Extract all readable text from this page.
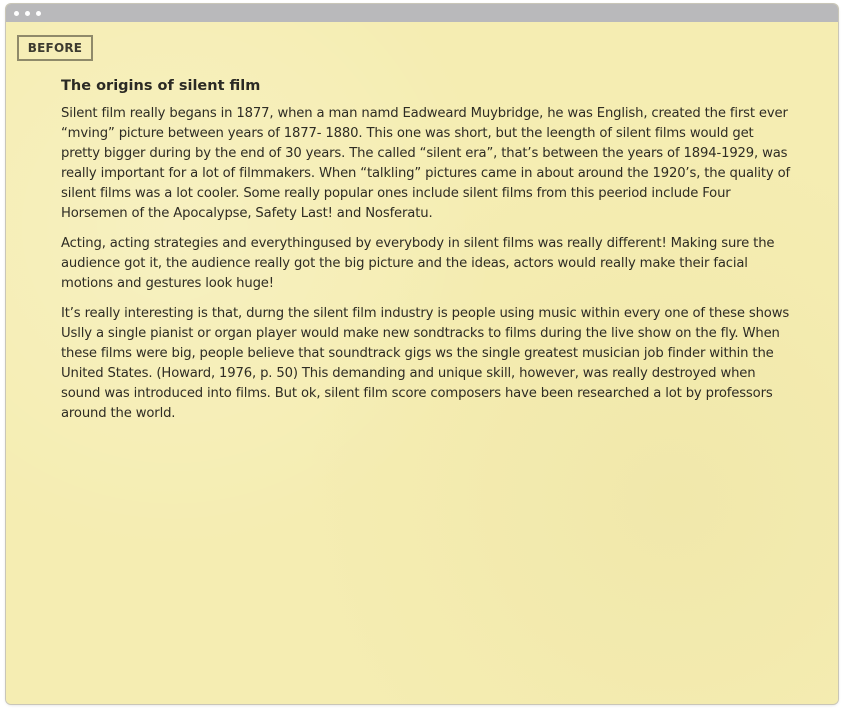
BEFORE
The origins of silent film

Silent film really begans in 1877, when a man namd Eadweard Muybridge, he was English, created the first ever “mving” picture between years of 1877- 1880. This one was short, but the leength of silent films would get pretty bigger during by the end of 30 years. The called “silent era”, that’s between the years of 1894-1929, was really important for a lot of filmmakers. When “talkling” pictures came in about around the 1920’s, the quality of silent films was a lot cooler. Some really popular ones include silent films from this peeriod include Four Horsemen of the Apocalypse, Safety Last! and Nosferatu.

Acting, acting strategies and everythingused by everybody in silent films was really different! Making sure the audience got it, the audience really got the big picture and the ideas, actors would really make their facial motions and gestures look huge!

It’s really interesting is that, durng the silent film industry is people using music within every one of these shows Uslly a single pianist or organ player would make new sondtracks to films during the live show on the fly. When these films were big, people believe that soundtrack gigs ws the single greatest musician job finder within the United States. (Howard, 1976, p. 50) This demanding and unique skill, however, was really destroyed when sound was introduced into films. But ok, silent film score composers have been researched a lot by professors around the world.
